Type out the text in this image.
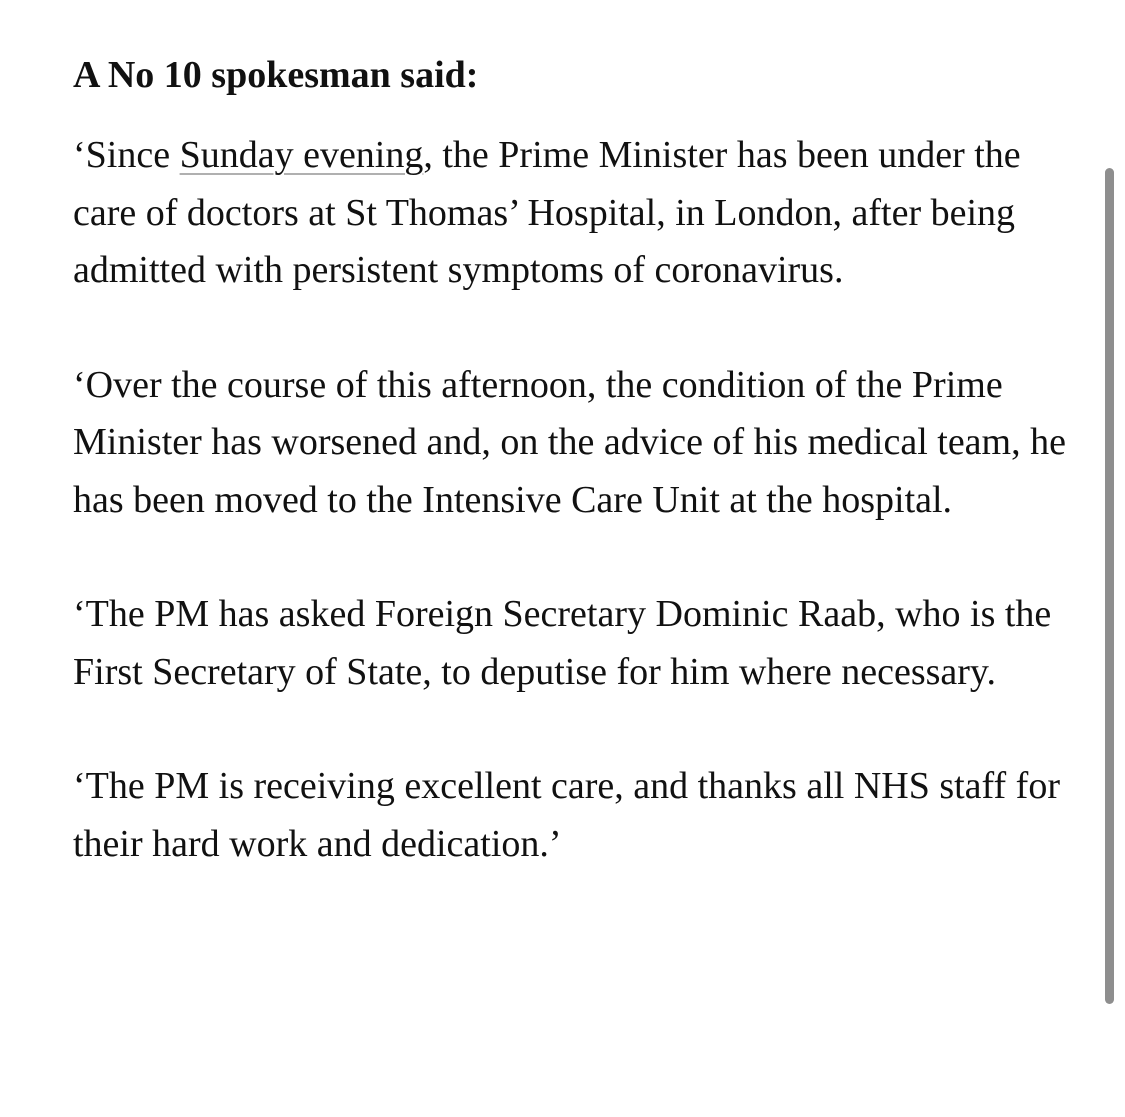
A No 10 spokesman said:

‘Since Sunday evening, the Prime Minister has been under the care of doctors at St Thomas’ Hospital, in London, after being admitted with persistent symptoms of coronavirus.

‘Over the course of this afternoon, the condition of the Prime Minister has worsened and, on the advice of his medical team, he has been moved to the Intensive Care Unit at the hospital.

‘The PM has asked Foreign Secretary Dominic Raab, who is the First Secretary of State, to deputise for him where necessary.

‘The PM is receiving excellent care, and thanks all NHS staff for their hard work and dedication.’
